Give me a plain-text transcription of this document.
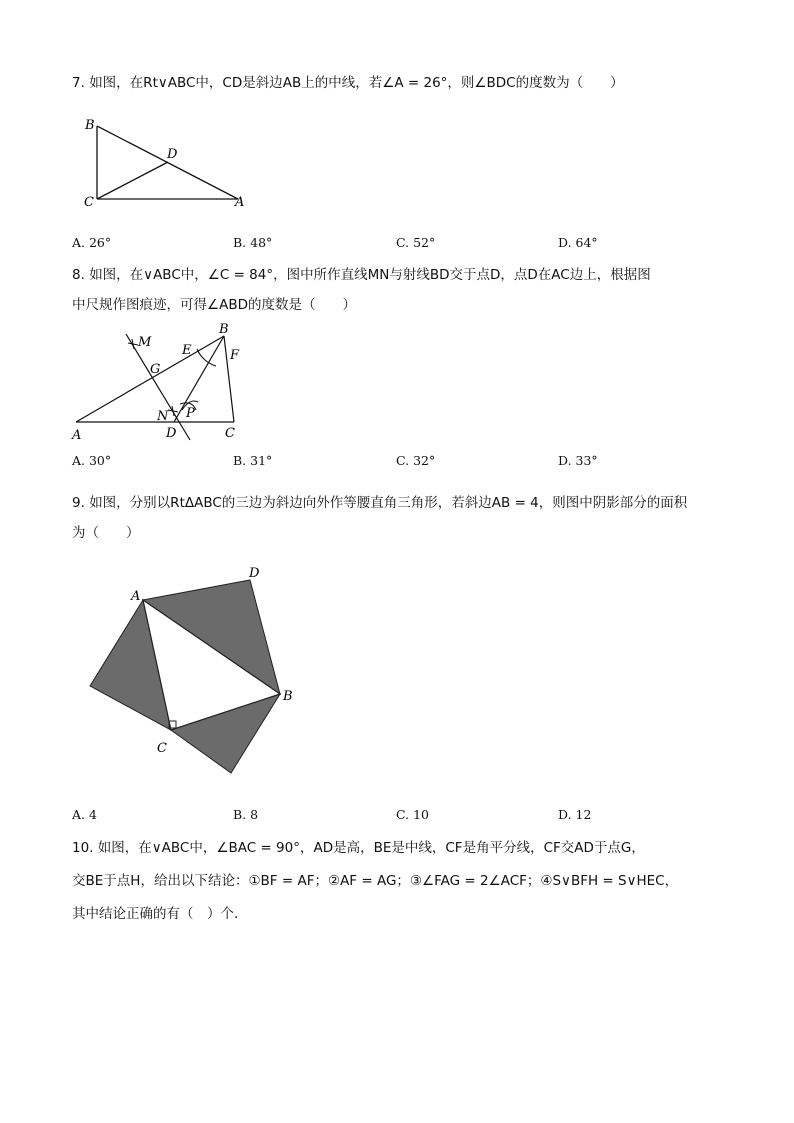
7. 如图，在Rt∨ABC中，CD是斜边AB上的中线，若∠A = 26°，则∠BDC的度数为（　　）
B
D
C	A
A. 26°	B. 48°	C. 52°	D. 64°
8. 如图，在∨ABC中，∠C = 84°，图中所作直线MN与射线BD交于点D，点D在AC边上，根据图
中尺规作图痕迹，可得∠ABD的度数是（　　）
B
M
E	F
G
N P
A	D	C
A. 30°	B. 31°	C. 32°	D. 33°
9. 如图，分别以RtΔABC的三边为斜边向外作等腰直角三角形，若斜边AB = 4，则图中阴影部分的面积
为（　　）
A
D
B
C
A. 4	B. 8	C. 10	D. 12
10. 如图，在∨ABC中，∠BAC = 90°，AD是高，BE是中线，CF是角平分线，CF交AD于点G，
交BE于点H，给出以下结论：①BF = AF；②AF = AG；③∠FAG = 2∠ACF；④S∨BFH = S∨HEC，
其中结论正确的有（　）个.
